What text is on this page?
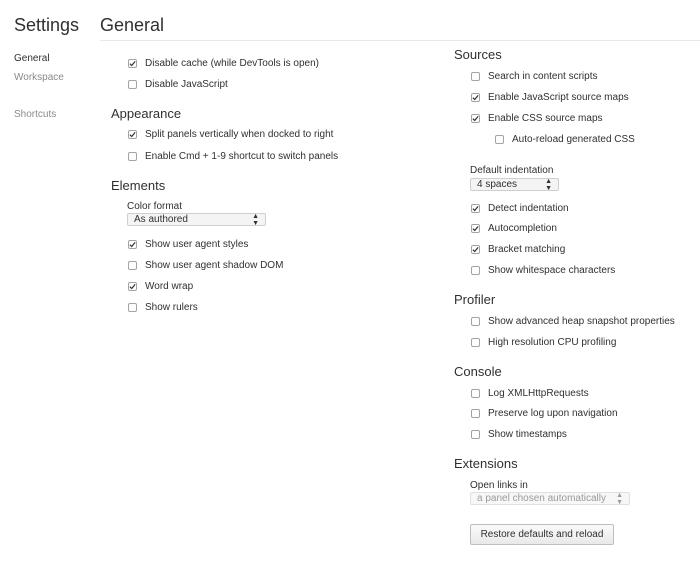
Settings General
General
Workspace
Shortcuts
Disable cache (while DevTools is open)
Disable JavaScript
Appearance
Split panels vertically when docked to right
Enable Cmd + 1-9 shortcut to switch panels
Elements
Color format
As authored	▲
▼
Show user agent styles
Show user agent shadow DOM
Word wrap
Show rulers
Sources
Search in content scripts
Enable JavaScript source maps
Enable CSS source maps
Auto-reload generated CSS
Default indentation
4 spaces	▲
▼
Detect indentation
Autocompletion
Bracket matching
Show whitespace characters
Profiler
Show advanced heap snapshot properties
High resolution CPU profiling
Console
Log XMLHttpRequests
Preserve log upon navigation
Show timestamps
Extensions
Open links in
a panel chosen automatically ▲
▼
Restore defaults and reload
